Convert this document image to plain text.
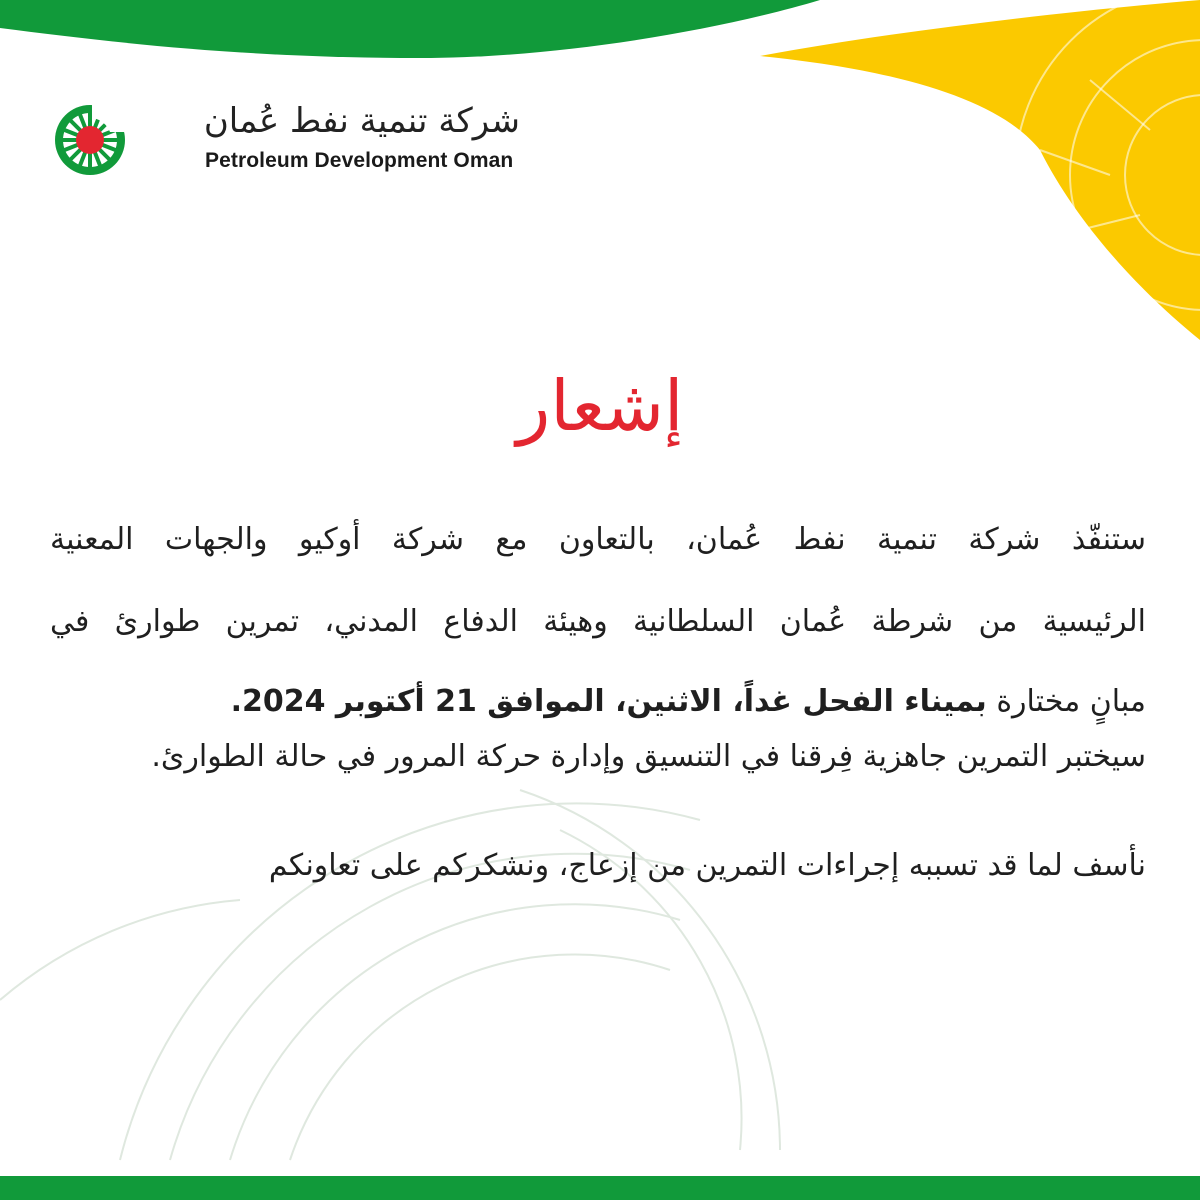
شركة تنمية نفط عُمان
Petroleum Development Oman
إشعار
ستنفّذ شركة تنمية نفط عُمان، بالتعاون مع شركة أوكيو والجهات المعنية
الرئيسية من شرطة عُمان السلطانية وهيئة الدفاع المدني، تمرين طوارئ في
مبانٍ مختارة بميناء الفحل غداً، الاثنين، الموافق 21 أكتوبر 2024.
سيختبر التمرين جاهزية فِرقنا في التنسيق وإدارة حركة المرور في حالة الطوارئ.
نأسف لما قد تسببه إجراءات التمرين من إزعاج، ونشكركم على تعاونكم
